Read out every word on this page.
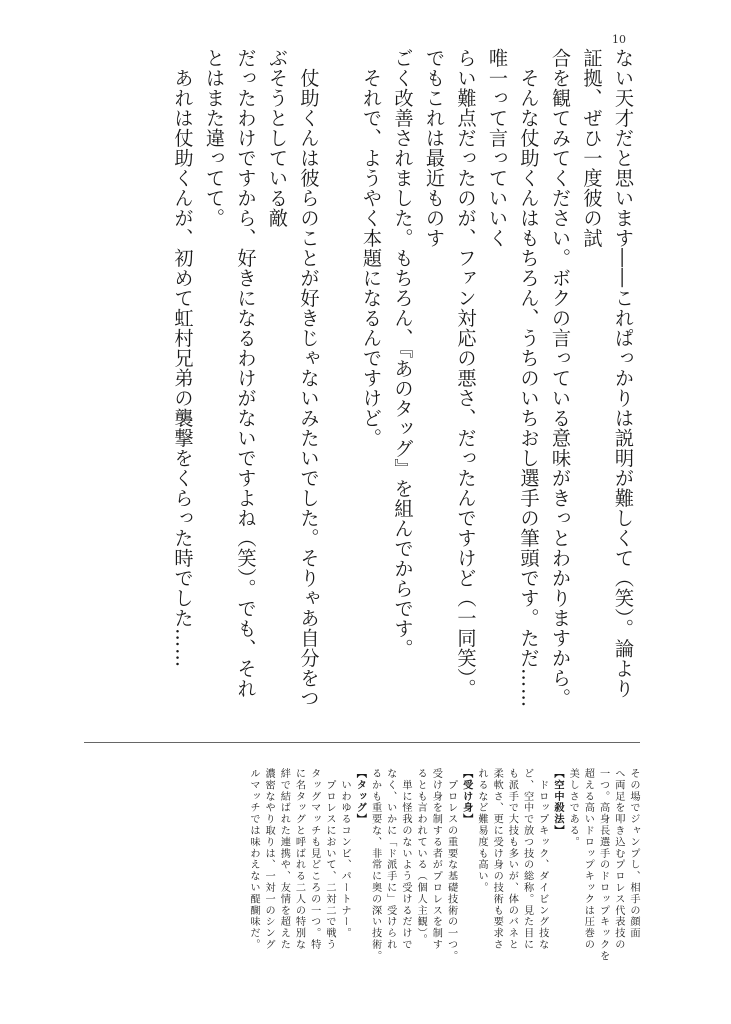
10

ない天才だと思います――これぱっかりは説明が難しくて（笑）。論より証拠、ぜひ一度彼の試

合を観てみてください。ボクの言っている意味がきっとわかりますから。

　そんな仗助くんはもちろん、うちのいちおし選手の筆頭です。ただ……唯一って言っていいく

らい難点だったのが、ファン対応の悪さ、だったんですけど（一同笑）。でもこれは最近ものす

ごく改善されました。もちろん、『あのタッグ』を組んでからです。

　それで、ようやく本題になるんですけど。

　仗助くんは彼らのことが好きじゃないみたいでした。そりゃあ自分をつぶそうとしている敵

だったわけですから、好きになるわけがないですよね（笑）。でも、それとはまた違ってて。

　あれは仗助くんが、初めて虹村兄弟の襲撃をくらった時でした……

その場でジャンプし、相手の顔面

へ両足を叩き込むプロレス代表技の

一つ。高身長選手のドロップキックを

超える高いドロップキックは圧巻の

美しさである。

【空中殺法】

　ドロップキック、ダイビング技な

ど、空中で放つ技の総称。見た目に

も派手で大技も多いが、体のバネと

柔軟さ、更に受け身の技術も要求さ

れるなど難易度も高い。

【受け身】

　プロレスの重要な基礎技術の一つ。

受け身を制する者がプロレスを制す

るとも言われている（個人主観）。

　単に怪我のないよう受けるだけで

なく、いかに「ド派手に」受けられ

るかも重要な、非常に奥の深い技術。

【タッグ】

　いわゆるコンビ、パートナー。

　プロレスにおいて、二対二で戦う

タッグマッチも見どころの一つ。特

に名タッグと呼ばれる二人の特別な

絆で結ばれた連携や、友情を超えた

濃密なやり取りは、一対一のシング

ルマッチでは味わえない醍醐味だ。
